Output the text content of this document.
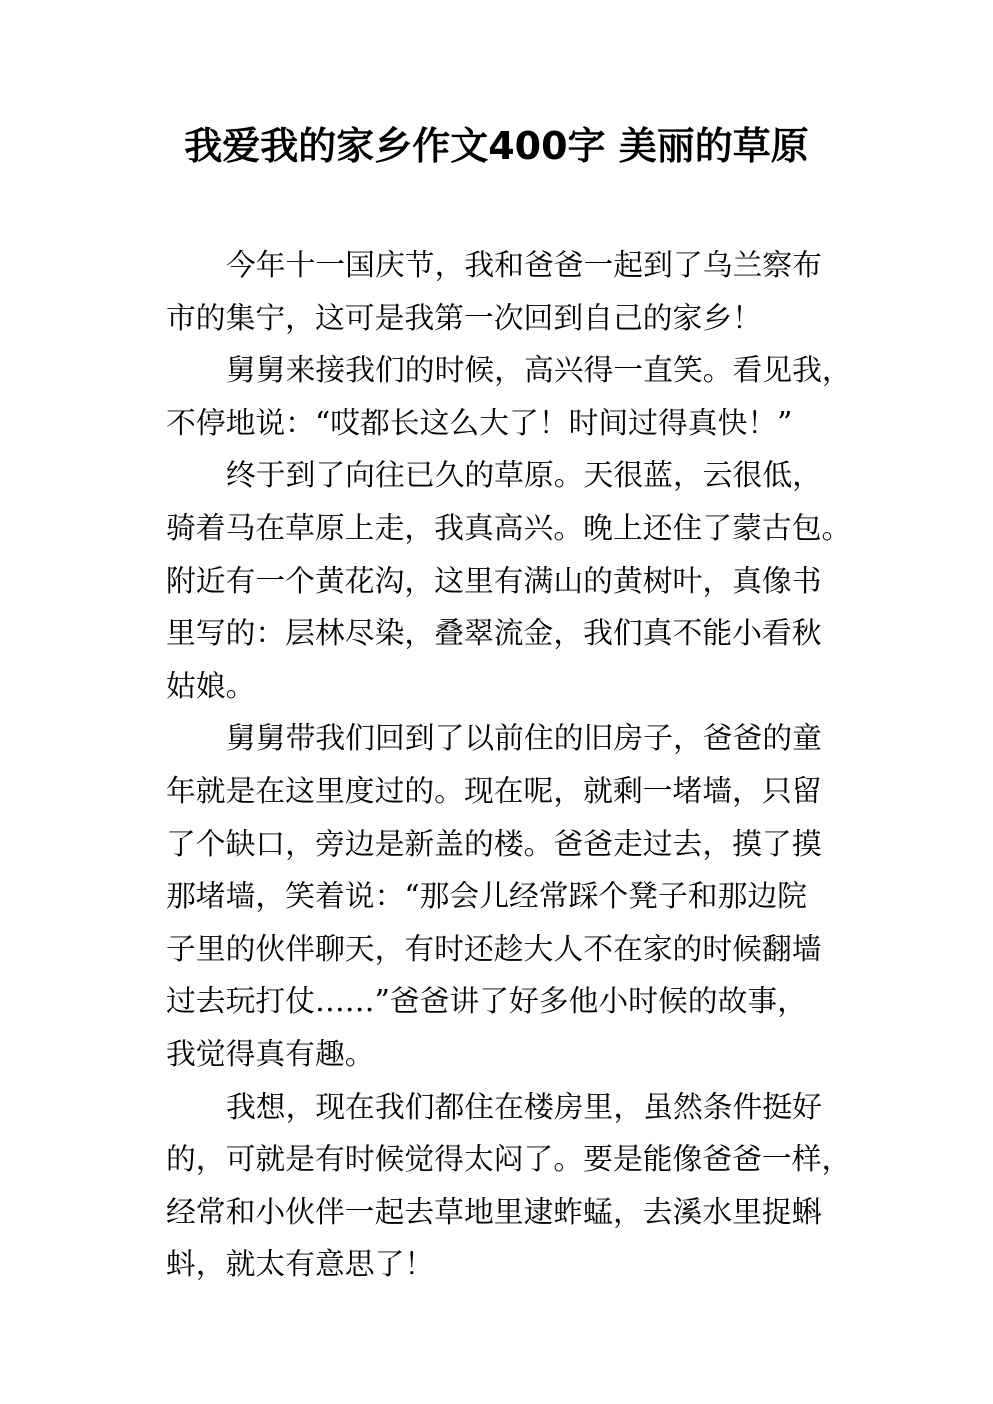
我爱我的家乡作文400字 美丽的草原
今年十一国庆节，我和爸爸一起到了乌兰察布
市的集宁，这可是我第一次回到自己的家乡！
舅舅来接我们的时候，高兴得一直笑。看见我，
不停地说：“哎都长这么大了！时间过得真快！”
终于到了向往已久的草原。天很蓝，云很低，
骑着马在草原上走，我真高兴。晚上还住了蒙古包。
附近有一个黄花沟，这里有满山的黄树叶，真像书
里写的：层林尽染，叠翠流金，我们真不能小看秋
姑娘。
舅舅带我们回到了以前住的旧房子，爸爸的童
年就是在这里度过的。现在呢，就剩一堵墙，只留
了个缺口，旁边是新盖的楼。爸爸走过去，摸了摸
那堵墙，笑着说：“那会儿经常踩个凳子和那边院
子里的伙伴聊天，有时还趁大人不在家的时候翻墙
过去玩打仗……”爸爸讲了好多他小时候的故事，
我觉得真有趣。
我想，现在我们都住在楼房里，虽然条件挺好
的，可就是有时候觉得太闷了。要是能像爸爸一样，
经常和小伙伴一起去草地里逮蚱蜢，去溪水里捉蝌
蚪，就太有意思了！
